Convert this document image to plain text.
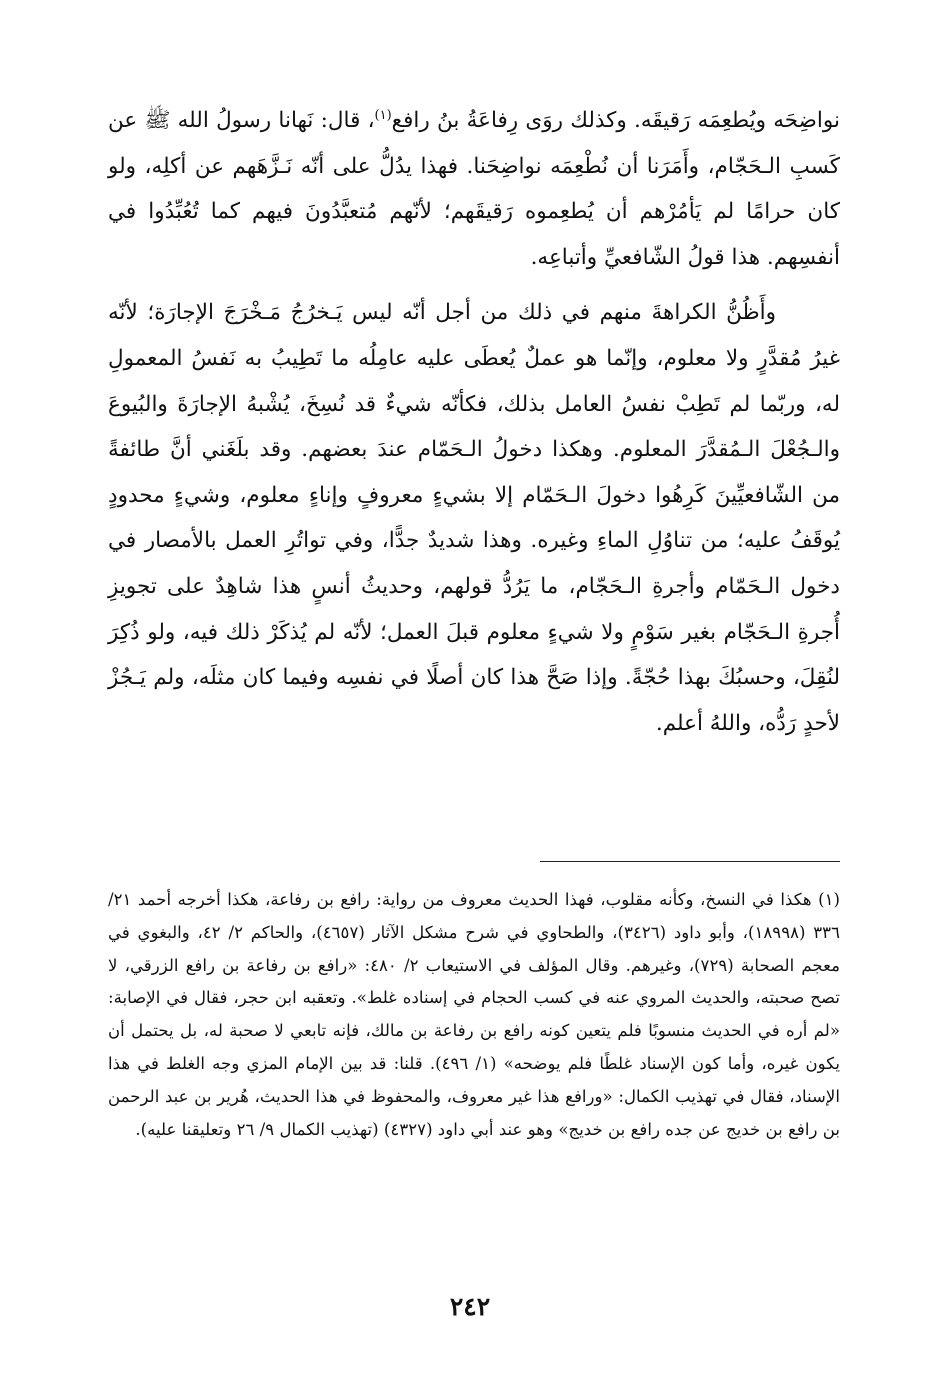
نواضِحَه ويُطعِمَه رَقيقَه. وكذلك روَى رِفاعَةُ بنُ رافع$^{(١)}$، قال: نَهانا رسولُ الله ﷺ عن كَسبِ الـحَجّام، وأَمَرَنا أن نُطْعِمَه نواضِحَنا. فهذا يدُلُّ على أنّه نَـزَّهَهم عن أكلِه، ولو كان حرامًا لم يَأمُرْهم أن يُطعِموه رَقيقَهم؛ لأنّهم مُتعبَّدُونَ فيهم كما تُعُبِّدُوا في أنفسِهم. هذا قولُ الشّافعيِّ وأتباعِه.

وأَظُنُّ الكراهةَ منهم في ذلك من أجل أنّه ليس يَـخرُجُ مَـخْرَجَ الإجارَة؛ لأنّه غيرُ مُقدَّرٍ ولا معلوم، وإنّما هو عملٌ يُعطَى عليه عامِلُه ما تَطِيبُ به نَفسُ المعمولِ له، وربّما لم تَطِبْ نفسُ العامل بذلك، فكأنّه شيءٌ قد نُسِخَ، يُشْبهُ الإجارَةَ والبُيوعَ والـجُعْلَ الـمُقدَّرَ المعلوم. وهكذا دخولُ الـحَمّام عندَ بعضهم. وقد بلَغَني أنَّ طائفةً من الشّافعيِّينَ كَرِهُوا دخولَ الـحَمّام إلا بشيءٍ معروفٍ وإناءٍ معلوم، وشيءٍ محدودٍ يُوقَفُ عليه؛ من تناوُلِ الماءِ وغيره. وهذا شديدٌ جدًّا، وفي تواتُرِ العمل بالأمصار في دخول الـحَمّام وأجرةِ الـحَجّام، ما يَرُدُّ قولهم، وحديثُ أنسٍ هذا شاهِدٌ على تجويزِ أُجرةِ الـحَجّام بغير سَوْمٍ ولا شيءٍ معلوم قبلَ العمل؛ لأنّه لم يُذكَرْ ذلك فيه، ولو ذُكِرَ لنُقِلَ، وحسبُكَ بهذا حُجّةً. وإذا صَحَّ هذا كان أصلًا في نفسِه وفيما كان مثلَه، ولم يَـجُزْ لأحدٍ رَدُّه، واللهُ أعلم.

(١) هكذا في النسخ، وكأنه مقلوب، فهذا الحديث معروف من رواية: رافع بن رفاعة، هكذا أخرجه أحمد ٢١/ ٣٣٦ (١٨٩٩٨)، وأبو داود (٣٤٢٦)، والطحاوي في شرح مشكل الآثار (٤٦٥٧)، والحاكم ٢/ ٤٢، والبغوي في معجم الصحابة (٧٢٩)، وغيرهم. وقال المؤلف في الاستيعاب ٢/ ٤٨٠: «رافع بن رفاعة بن رافع الزرقي، لا تصح صحبته، والحديث المروي عنه في كسب الحجام في إسناده غلط». وتعقبه ابن حجر، فقال في الإصابة: «لم أره في الحديث منسوبًا فلم يتعين كونه رافع بن رفاعة بن مالك، فإنه تابعي لا صحبة له، بل يحتمل أن يكون غيره، وأما كون الإسناد غلطًا فلم يوضحه» (١/ ٤٩٦). قلنا: قد بين الإمام المزي وجه الغلط في هذا الإسناد، فقال في تهذيب الكمال: «ورافع هذا غير معروف، والمحفوظ في هذا الحديث، هُرير بن عبد الرحمن بن رافع بن خديج عن جده رافع بن خديج» وهو عند أبي داود (٤٣٢٧) (تهذيب الكمال ٩/ ٢٦ وتعليقنا عليه).

٢٤٢
